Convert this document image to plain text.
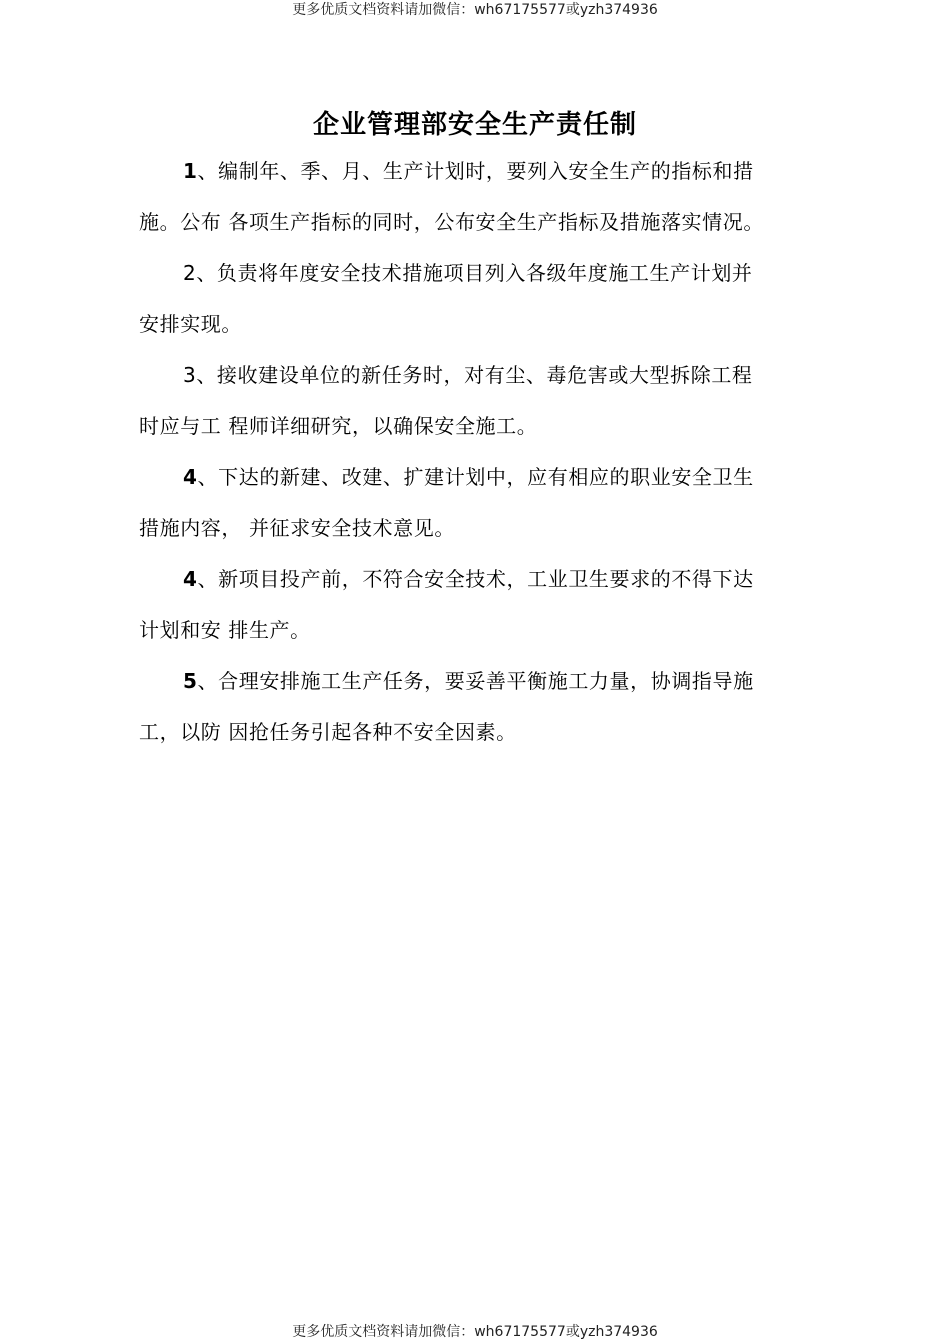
更多优质文档资料请加微信：wh67175577或yzh374936
企业管理部安全生产责任制

1、编制年、季、月、生产计划时，要列入安全生产的指标和措
施。公布 各项生产指标的同时，公布安全生产指标及措施落实情况。

2、负责将年度安全技术措施项目列入各级年度施工生产计划并
安排实现。

3、接收建设单位的新任务时，对有尘、毒危害或大型拆除工程
时应与工 程师详细研究，以确保安全施工。

4、下达的新建、改建、扩建计划中，应有相应的职业安全卫生
措施内容， 并征求安全技术意见。

4、新项目投产前，不符合安全技术，工业卫生要求的不得下达
计划和安 排生产。

5、合理安排施工生产任务，要妥善平衡施工力量，协调指导施
工，以防 因抢任务引起各种不安全因素。

更多优质文档资料请加微信：wh67175577或yzh374936
